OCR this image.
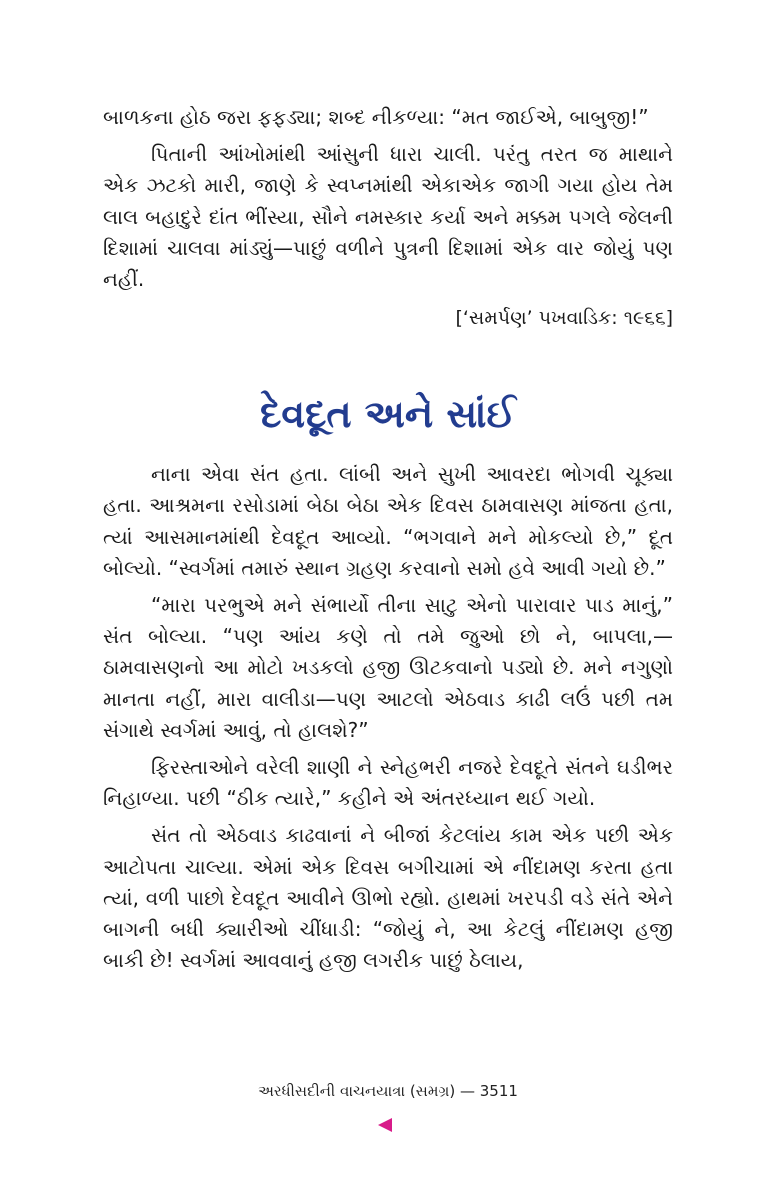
બાળકના હોઠ જરા ફફડ્યા; શબ્દ નીકળ્યા: “મત જાઈએ, બાબુજી!”

પિતાની આંખોમાંથી આંસુની ધારા ચાલી. પરંતુ તરત જ માથાને એક ઝટકો મારી, જાણે કે સ્વપ્નમાંથી એકાએક જાગી ગયા હોય તેમ લાલ બહાદુરે દાંત ભીંસ્યા, સૌને નમસ્કાર કર્યા અને મક્કમ પગલે જેલની દિશામાં ચાલવા માંડ્યું—પાછું વળીને પુત્રની દિશામાં એક વાર જોયું પણ નહીં.

[‘સમર્પણ’ પખવાડિક: ૧૯૬૬]
દેવદૂત અને સાંઈ

નાના એવા સંત હતા. લાંબી અને સુખી આવરદા ભોગવી ચૂક્યા હતા. આશ્રમના રસોડામાં બેઠા બેઠા એક દિવસ ઠામવાસણ માંજતા હતા, ત્યાં આસમાનમાંથી દેવદૂત આવ્યો. “ભગવાને મને મોકલ્યો છે,” દૂત બોલ્યો. “સ્વર્ગમાં તમારું સ્થાન ગ્રહણ કરવાનો સમો હવે આવી ગયો છે.”

“મારા પરભુએ મને સંભાર્યો તીના સાટુ એનો પારાવાર પાડ માનું,” સંત બોલ્યા. “પણ આંય કણે તો તમે જુઓ છો ને, બાપલા,—ઠામવાસણનો આ મોટો ખડકલો હજી ઊટકવાનો પડ્યો છે. મને નગુણો માનતા નહીં, મારા વાલીડા—પણ આટલો એઠવાડ કાઢી લઉં પછી તમ સંગાથે સ્વર્ગમાં આવું, તો હાલશે?”

ફિરસ્તાઓને વરેલી શાણી ને સ્નેહભરી નજરે દેવદૂતે સંતને ઘડીભર નિહાળ્યા. પછી “ઠીક ત્યારે,” કહીને એ અંતરધ્યાન થઈ ગયો.

સંત તો એઠવાડ કાઢવાનાં ને બીજાં કેટલાંય કામ એક પછી એક આટોપતા ચાલ્યા. એમાં એક દિવસ બગીચામાં એ નીંદામણ કરતા હતા ત્યાં, વળી પાછો દેવદૂત આવીને ઊભો રહ્યો. હાથમાં ખરપડી વડે સંતે એને બાગની બધી ક્યારીઓ ચીંધાડી: “જોયું ને, આ કેટલું નીંદામણ હજી બાકી છે! સ્વર્ગમાં આવવાનું હજી લગરીક પાછું ઠેલાય,

અરધીસદીની વાચનયાત્રા (સમગ્ર) — 3511
